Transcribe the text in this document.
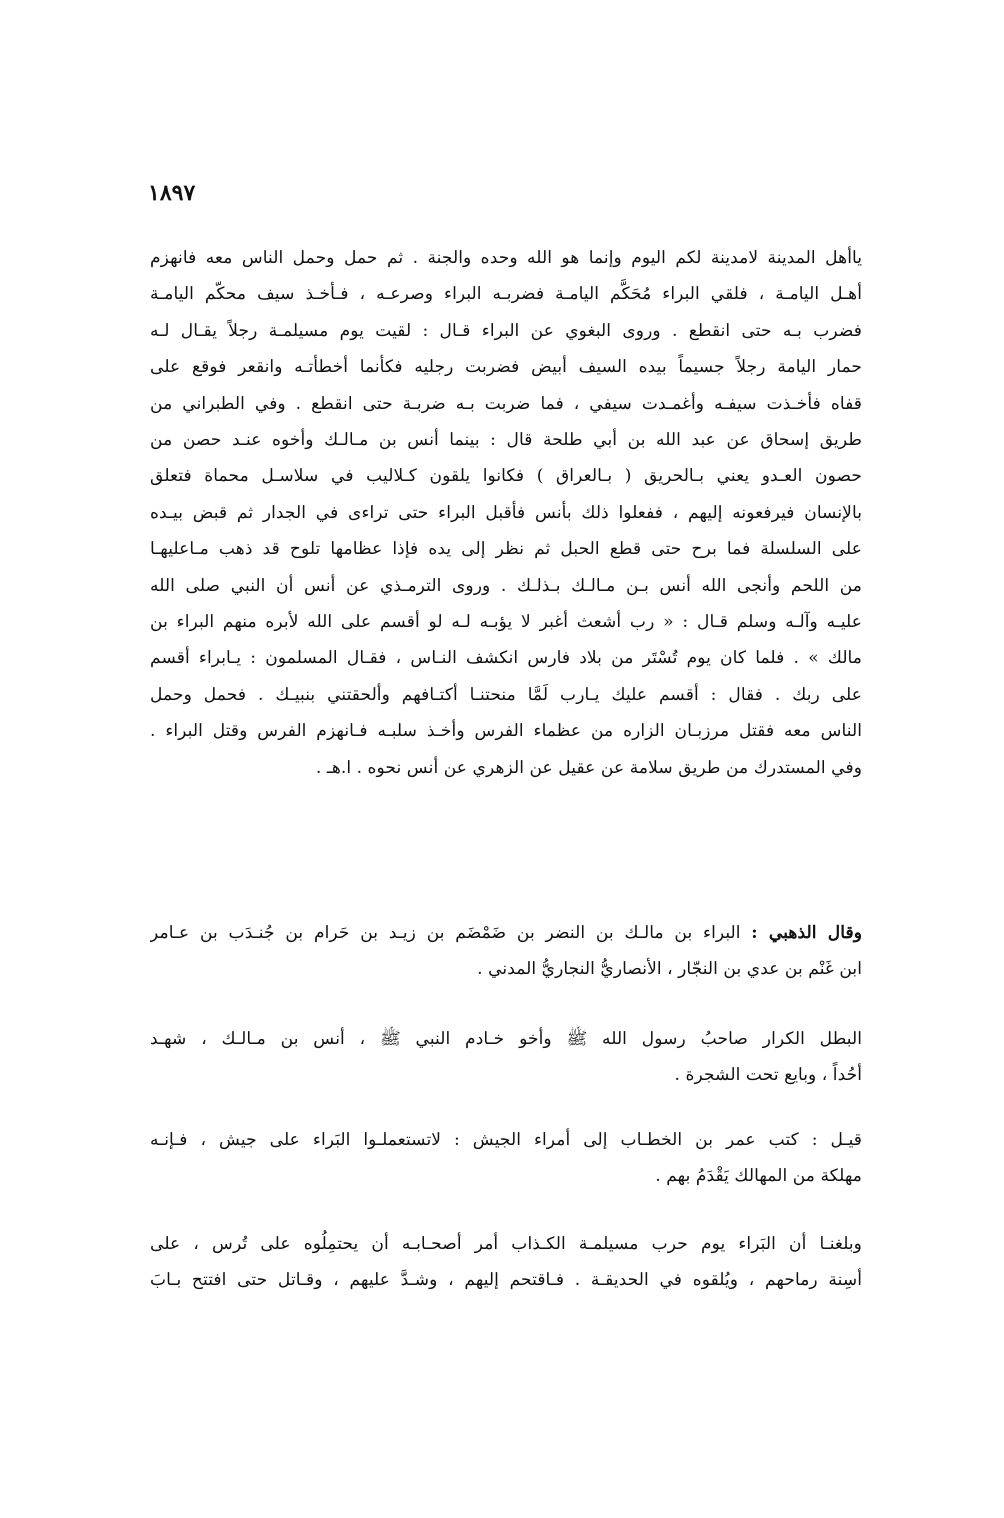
١٨٩٧
ياأهل المدينة لامدينة لكم اليوم وإنما هو الله وحده والجنة . ثم حمل وحمل الناس معه فانهزم
أهـل اليامـة ، فلقي البراء مُحَكَّم اليامـة فضربـه البراء وصرعـه ، فـأخـذ سيف محكّم اليامـة
فضرب بـه حتى انقطع . وروى البغوي عن البراء قـال : لقيت يوم مسيلمـة رجلاً يقـال لـه
حمار اليامة رجلاً جسيماً بيده السيف أبيض فضربت رجليه فكأنما أخطأتـه وانقعر فوقع على
قفاه فأخـذت سيفـه وأغمـدت سيفي ، فما ضربت بـه ضربـة حتى انقطع . وفي الطبراني من
طريق إسحاق عن عبد الله بن أبي طلحة قال : بينما أنس بن مـالـك وأخوه عنـد حصن من
حصون العـدو يعني بـالحريق ( بـالعراق ) فكانوا يلقون كـلاليب في سلاسـل محماة فتعلق
بالإنسان فيرفعونه إليهم ، ففعلوا ذلك بأنس فأقبل البراء حتى تراءى في الجدار ثم قبض بيـده
على السلسلة فما برح حتى قطع الحبل ثم نظر إلى يده فإذا عظامها تلوح قد ذهب مـاعليهـا
من اللحم وأنجى الله أنس بـن مـالـك بـذلـك . وروى الترمـذي عن أنس أن النبي صلى الله
عليـه وآلـه وسلم قـال : « رب أشعث أغبر لا يؤبـه لـه لو أقسم على الله لأبره منهم البراء بن
مالك » . فلما كان يوم تُسْتَر من بلاد فارس انكشف النـاس ، فقـال المسلمون : يـابراء أقسم
على ربك . فقال : أقسم عليك يـارب لَمَّا منحتنـا أكتـافهم وألحقتني بنبيـك . فحمل وحمل
الناس معه فقتل مرزبـان الزاره من عظماء الفرس وأخـذ سلبـه فـانهزم الفرس وقتل البراء .
وفي المستدرك من طريق سلامة عن عقيل عن الزهري عن أنس نحوه . ا.هـ .
وقال الذهبي : البراء بن مالـك بن النضر بن ضَمْضَم بن زيـد بن حَرام بن جُنـدَب بن عـامر
ابن غَنْم بن عدي بن النجّار ، الأنصاريُّ النجاريُّ المدني .
البطل الكرار صاحبُ رسول الله ﷺ وأخو خـادم النبي ﷺ ، أنس بن مـالـك ، شهـد
أحُداً ، وبايع تحت الشجرة .
قيـل : كتب عمر بن الخطـاب إلى أمراء الجيش : لاتستعملـوا البَراء على جيش ، فـإنـه
مهلكة من المهالك يَقْدَمُ بهم .
وبلغنـا أن البَراء يوم حرب مسيلمـة الكـذاب أمر أصحـابـه أن يحتمِلُوه على تُرس ، على
أسِنة رماحهم ، ويُلقوه في الحديقـة . فـاقتحم إليهم ، وشـدَّ عليهم ، وقـاتل حتى افتتح بـابَ
